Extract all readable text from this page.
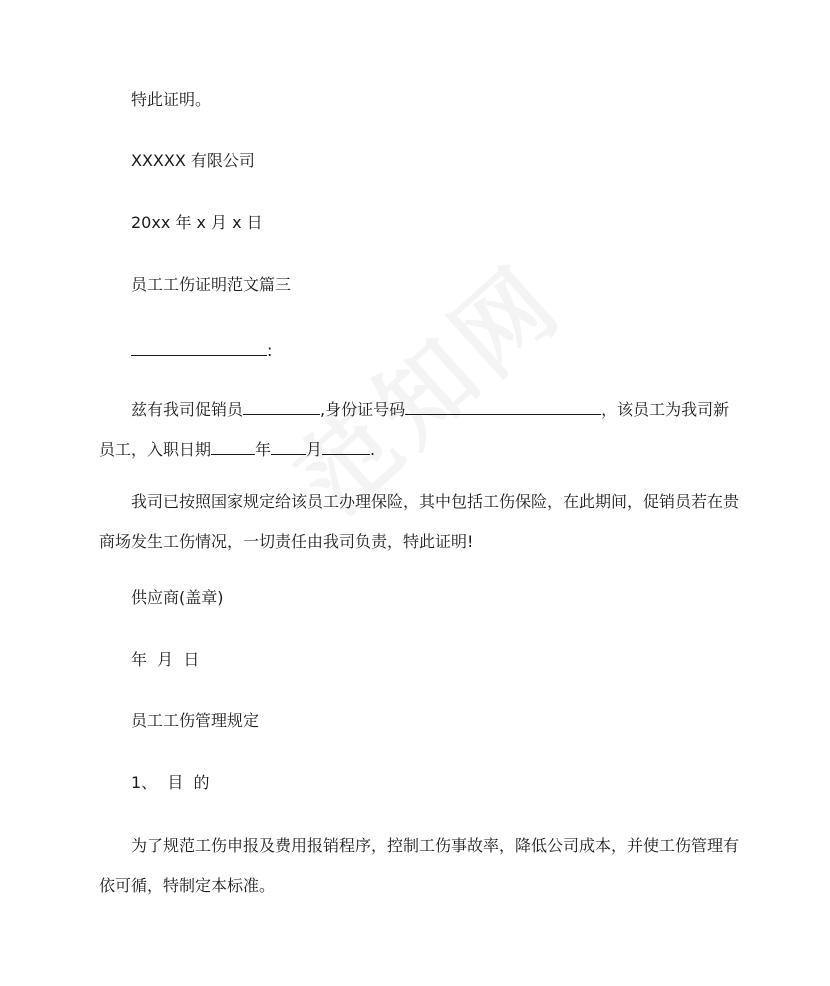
特此证明。
XXXXX 有限公司
20xx 年 x 月 x 日
员工工伤证明范文篇三
:
兹有我司促销员	,身份证号码	，该员工为我司新员工，入职日期	年 月	.
我司已按照国家规定给该员工办理保险，其中包括工伤保险，在此期间，促销员若在贵商场发生工伤情况，一切责任由我司负责，特此证明!
供应商(盖章)
年  月  日
员工工伤管理规定
1、  目  的
为了规范工伤申报及费用报销程序，控制工伤事故率，降低公司成本，并使工伤管理有依可循，特制定本标准。
